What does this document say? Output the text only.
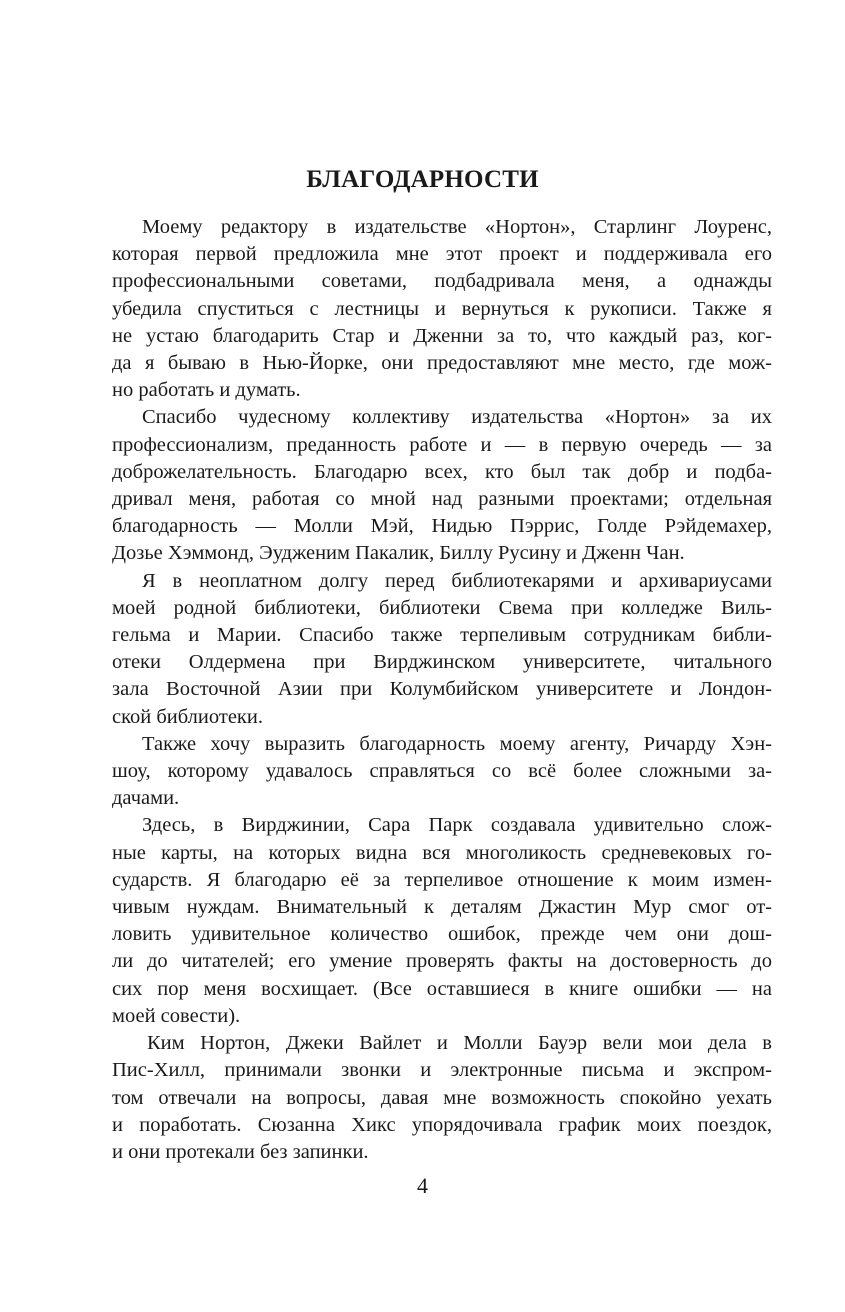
БЛАГОДАРНОСТИ

Моему редактору в издательстве «Нортон», Старлинг Лоуренс,
которая первой предложила мне этот проект и поддерживала его
профессиональными советами, подбадривала меня, а однажды
убедила спуститься с лестницы и вернуться к рукописи. Также я
не устаю благодарить Стар и Дженни за то, что каждый раз, ког-
да я бываю в Нью-Йорке, они предоставляют мне место, где мож-
но работать и думать.

Спасибо чудесному коллективу издательства «Нортон» за их
профессионализм, преданность работе и — в первую очередь — за
доброжелательность. Благодарю всех, кто был так добр и подба-
дривал меня, работая со мной над разными проектами; отдельная
благодарность — Молли Мэй, Нидью Пэррис, Голде Рэйдемахер,
Дозье Хэммонд, Эудженим Пакалик, Биллу Русину и Дженн Чан.

Я в неоплатном долгу перед библиотекарями и архивариусами
моей родной библиотеки, библиотеки Свема при колледже Виль-
гельма и Марии. Спасибо также терпеливым сотрудникам библи-
отеки Олдермена при Вирджинском университете, читального
зала Восточной Азии при Колумбийском университете и Лондон-
ской библиотеки.

Также хочу выразить благодарность моему агенту, Ричарду Хэн-
шоу, которому удавалось справляться со всё более сложными за-
дачами.

Здесь, в Вирджинии, Сара Парк создавала удивительно слож-
ные карты, на которых видна вся многоликость средневековых го-
сударств. Я благодарю её за терпеливое отношение к моим измен-
чивым нуждам. Внимательный к деталям Джастин Мур смог от-
ловить удивительное количество ошибок, прежде чем они дош-
ли до читателей; его умение проверять факты на достоверность до
сих пор меня восхищает. (Все оставшиеся в книге ошибки — на
моей совести).

Ким Нортон, Джеки Вайлет и Молли Бауэр вели мои дела в
Пис-Хилл, принимали звонки и электронные письма и экспром-
том отвечали на вопросы, давая мне возможность спокойно уехать
и поработать. Сюзанна Хикс упорядочивала график моих поездок,
и они протекали без запинки.

4
